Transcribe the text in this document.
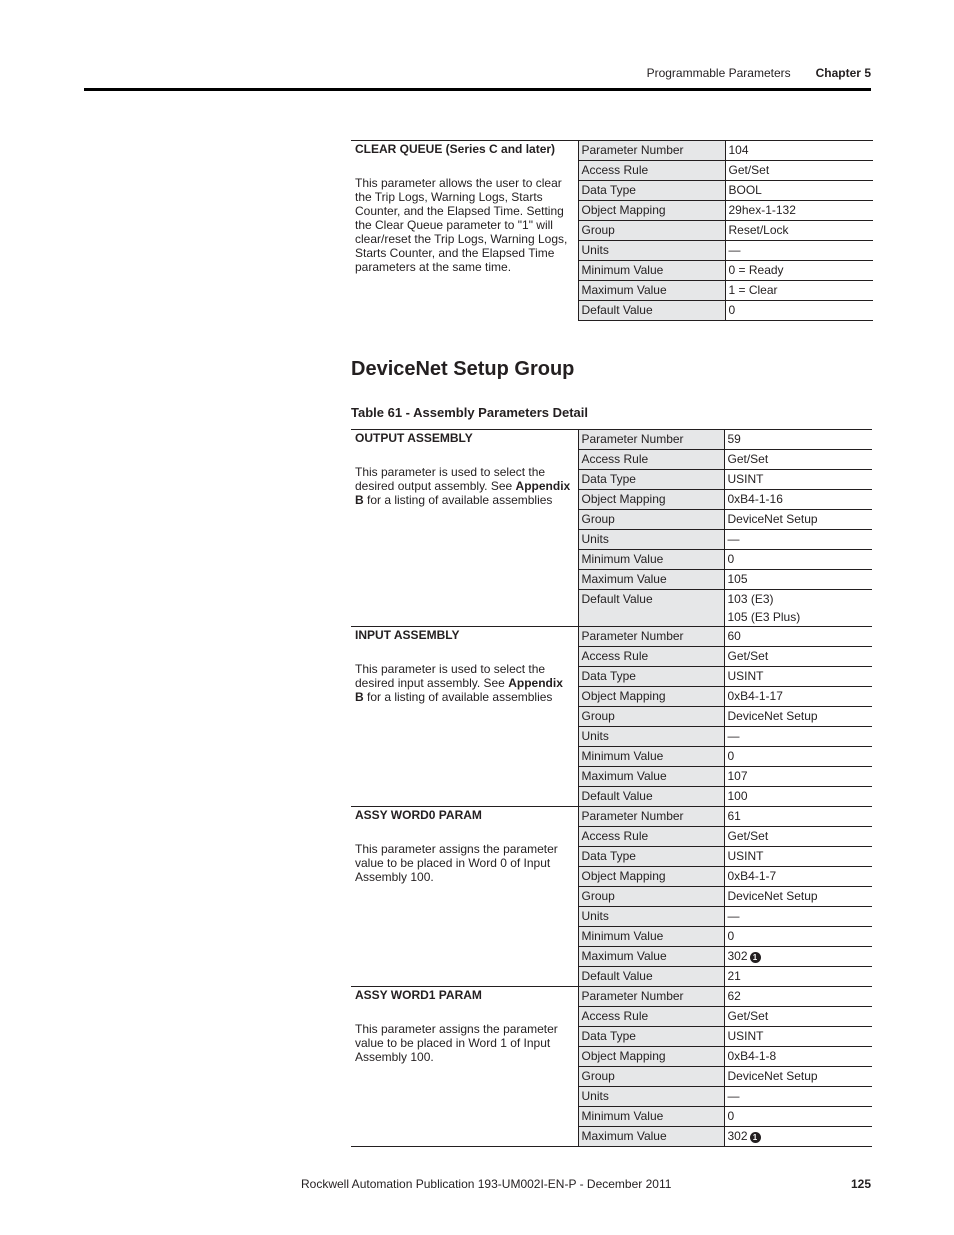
Programmable Parameters Chapter 5
CLEAR QUEUE (Series C and later)
This parameter allows the user to clear the Trip Logs, Warning Logs, Starts Counter, and the Elapsed Time. Setting the Clear Queue parameter to "1" will clear/reset the Trip Logs, Warning Logs, Starts Counter, and the Elapsed Time parameters at the same time.	Parameter Number	104
	Access Rule	Get/Set
	Data Type	BOOL
	Object Mapping	29hex-1-132
	Group	Reset/Lock
	Units	—
	Minimum Value	0 = Ready
	Maximum Value	1 = Clear
	Default Value	0
DeviceNet Setup Group
Table 61 - Assembly Parameters Detail
OUTPUT ASSEMBLY
This parameter is used to select the desired output assembly. See Appendix B for a listing of available assemblies	Parameter Number	59
	Access Rule	Get/Set
	Data Type	USINT
	Object Mapping	0xB4-1-16
	Group	DeviceNet Setup
	Units	—
	Minimum Value	0
	Maximum Value	105
	Default Value	103 (E3)
105 (E3 Plus)

INPUT ASSEMBLY
This parameter is used to select the desired input assembly. See Appendix B for a listing of available assemblies	Parameter Number	60
	Access Rule	Get/Set
	Data Type	USINT
	Object Mapping	0xB4-1-17
	Group	DeviceNet Setup
	Units	—
	Minimum Value	0
	Maximum Value	107
	Default Value	100

ASSY WORD0 PARAM
This parameter assigns the parameter value to be placed in Word 0 of Input Assembly 100.	Parameter Number	61
	Access Rule	Get/Set
	Data Type	USINT
	Object Mapping	0xB4-1-7
	Group	DeviceNet Setup
	Units	—
	Minimum Value	0
	Maximum Value	302 1
	Default Value	21

ASSY WORD1 PARAM
This parameter assigns the parameter value to be placed in Word 1 of Input Assembly 100.	Parameter Number	62
	Access Rule	Get/Set
	Data Type	USINT
	Object Mapping	0xB4-1-8
	Group	DeviceNet Setup
	Units	—
	Minimum Value	0
	Maximum Value	302 1
Rockwell Automation Publication 193-UM002I-EN-P - December 2011	125
